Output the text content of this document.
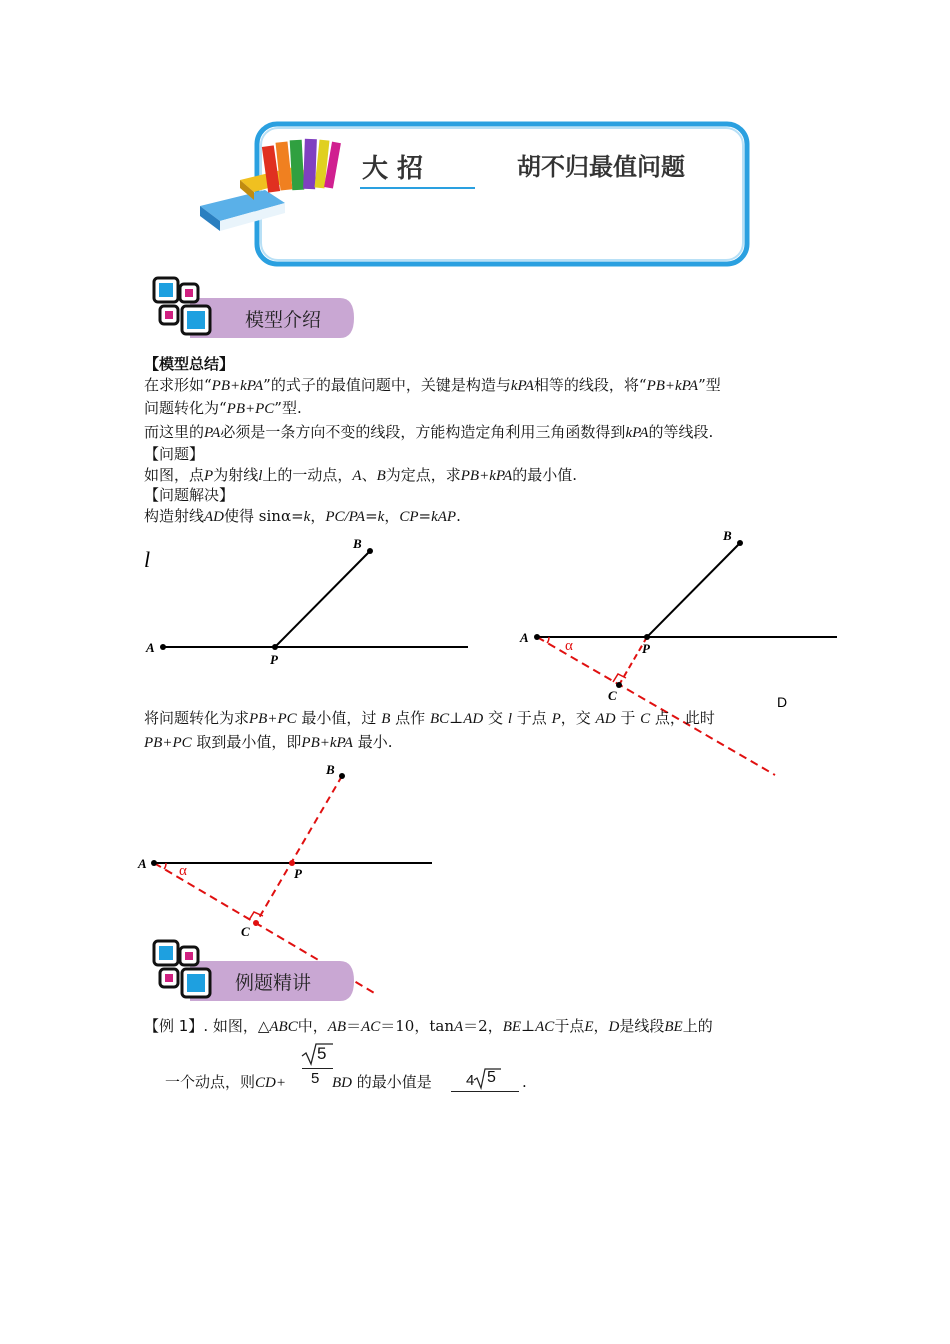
大 招	胡不归最值问题
模型介绍
【模型总结】
在求形如“PB+kPA”的式子的最值问题中，关键是构造与kPA相等的线段，将“PB+kPA”型
问题转化为“PB+PC”型.
而这里的PA必须是一条方向不变的线段，方能构造定角利用三角函数得到kPA的等线段.
【问题】
如图，点P为射线l上的一动点，A、B为定点，求PB+kPA的最小值.
【问题解决】
构造射线AD使得 sinα=k，PC/PA=k，CP=kAP.
l
A
B
P
A
B
P
C
α
D
将问题转化为求PB+PC 最小值，过 B 点作 BC⊥AD 交 l 于点 P，交 AD 于 C 点，此时
PB+PC 取到最小值，即PB+kPA 最小.
A
B
P
C
α
例题精讲
【例 1】. 如图，△ABC中，AB＝AC＝10，tanA＝2，BE⊥AC于点E，D是线段BE上的
5
5
一个动点，则CD+	BD 的最小值是 4 5 .
